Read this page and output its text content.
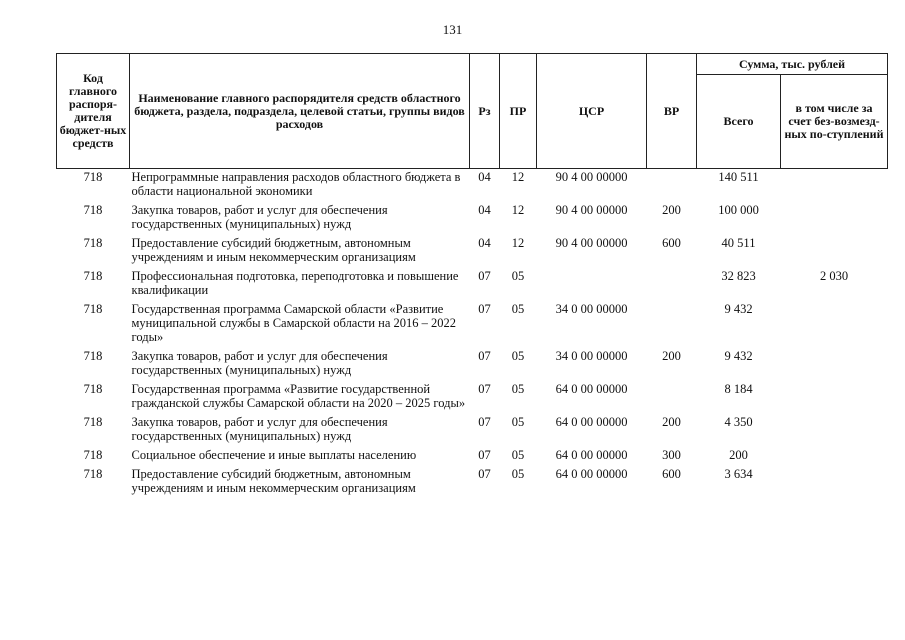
131
Код главного распоря-дителя бюджет-ных средств	Наименование главного распорядителя средств областного бюджета, раздела, подраздела, целевой статьи, группы видов расходов	Рз	ПР	ЦСР	ВР	Сумма, тыс. рублей	
						Всего	в том числе за счет без-возмезд-ных по-ступлений
718	Непрограммные направления расходов областного бюджета в области национальной экономики	04	12	90 4 00 00000		140 511	
718	Закупка товаров, работ и услуг для обеспечения государственных (муниципальных) нужд	04	12	90 4 00 00000	200	100 000	
718	Предоставление субсидий бюджетным, автономным учреждениям и иным некоммерческим организациям	04	12	90 4 00 00000	600	40 511	
718	Профессиональная подготовка, переподготовка и повышение квалификации	07	05			32 823	2 030
718	Государственная программа Самарской области «Развитие муниципальной службы в Самарской области на 2016 – 2022 годы»	07	05	34 0 00 00000		9 432	
718	Закупка товаров, работ и услуг для обеспечения государственных (муниципальных) нужд	07	05	34 0 00 00000	200	9 432	
718	Государственная программа «Развитие государственной гражданской службы Самарской области на 2020 – 2025 годы»	07	05	64 0 00 00000		8 184	
718	Закупка товаров, работ и услуг для обеспечения государственных (муниципальных) нужд	07	05	64 0 00 00000	200	4 350	
718	Социальное обеспечение и иные выплаты населению	07	05	64 0 00 00000	300	200	
718	Предоставление субсидий бюджетным, автономным учреждениям и иным некоммерческим организациям	07	05	64 0 00 00000	600	3 634	
